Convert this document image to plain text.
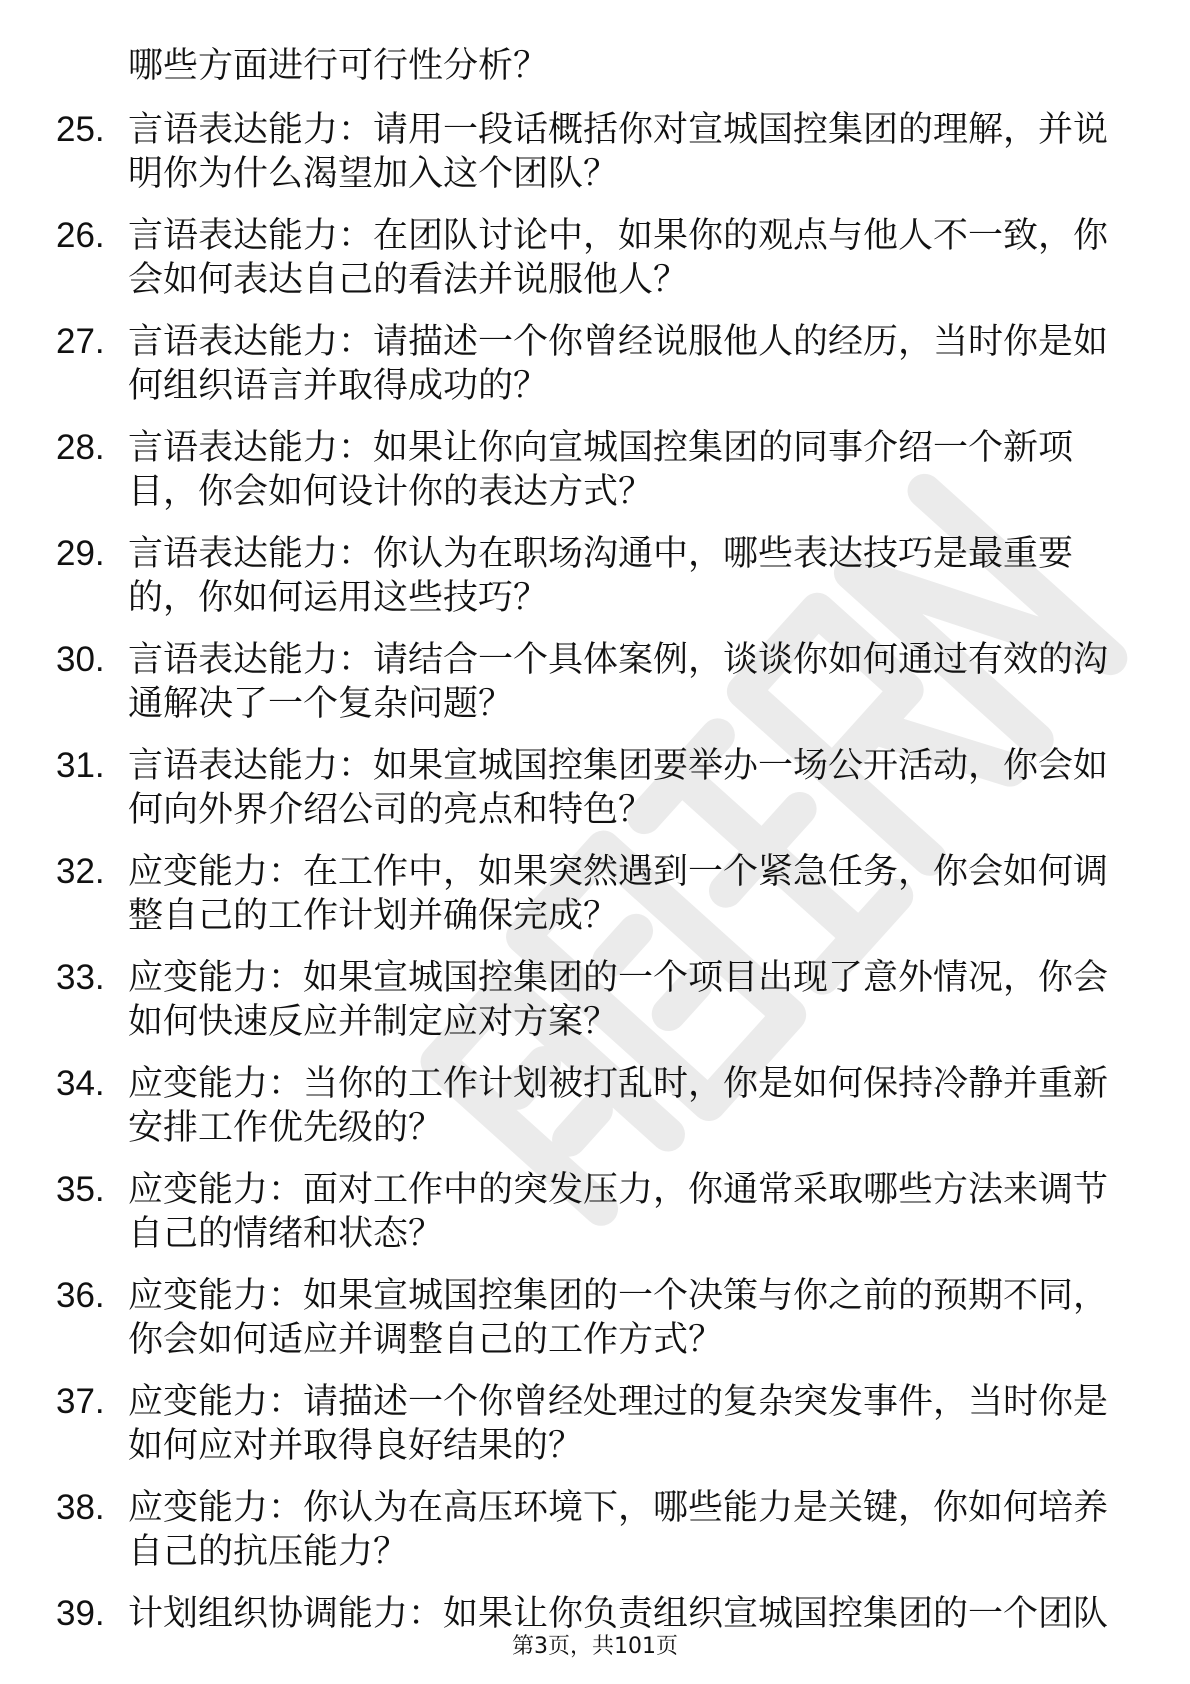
哪些方面进行可行性分析？
25. 言语表达能力：请用一段话概括你对宣城国控集团的理解，并说明你为什么渴望加入这个团队？
26. 言语表达能力：在团队讨论中，如果你的观点与他人不一致，你会如何表达自己的看法并说服他人？
27. 言语表达能力：请描述一个你曾经说服他人的经历，当时你是如何组织语言并取得成功的？
28. 言语表达能力：如果让你向宣城国控集团的同事介绍一个新项目，你会如何设计你的表达方式？
29. 言语表达能力：你认为在职场沟通中，哪些表达技巧是最重要的，你如何运用这些技巧？
30. 言语表达能力：请结合一个具体案例，谈谈你如何通过有效的沟通解决了一个复杂问题？
31. 言语表达能力：如果宣城国控集团要举办一场公开活动，你会如何向外界介绍公司的亮点和特色？
32. 应变能力：在工作中，如果突然遇到一个紧急任务，你会如何调整自己的工作计划并确保完成？
33. 应变能力：如果宣城国控集团的一个项目出现了意外情况，你会如何快速反应并制定应对方案？
34. 应变能力：当你的工作计划被打乱时，你是如何保持冷静并重新安排工作优先级的？
35. 应变能力：面对工作中的突发压力，你通常采取哪些方法来调节自己的情绪和状态？
36. 应变能力：如果宣城国控集团的一个决策与你之前的预期不同，你会如何适应并调整自己的工作方式？
37. 应变能力：请描述一个你曾经处理过的复杂突发事件，当时你是如何应对并取得良好结果的？
38. 应变能力：你认为在高压环境下，哪些能力是关键，你如何培养自己的抗压能力？
39. 计划组织协调能力：如果让你负责组织宣城国控集团的一个团队
第3页，共101页
